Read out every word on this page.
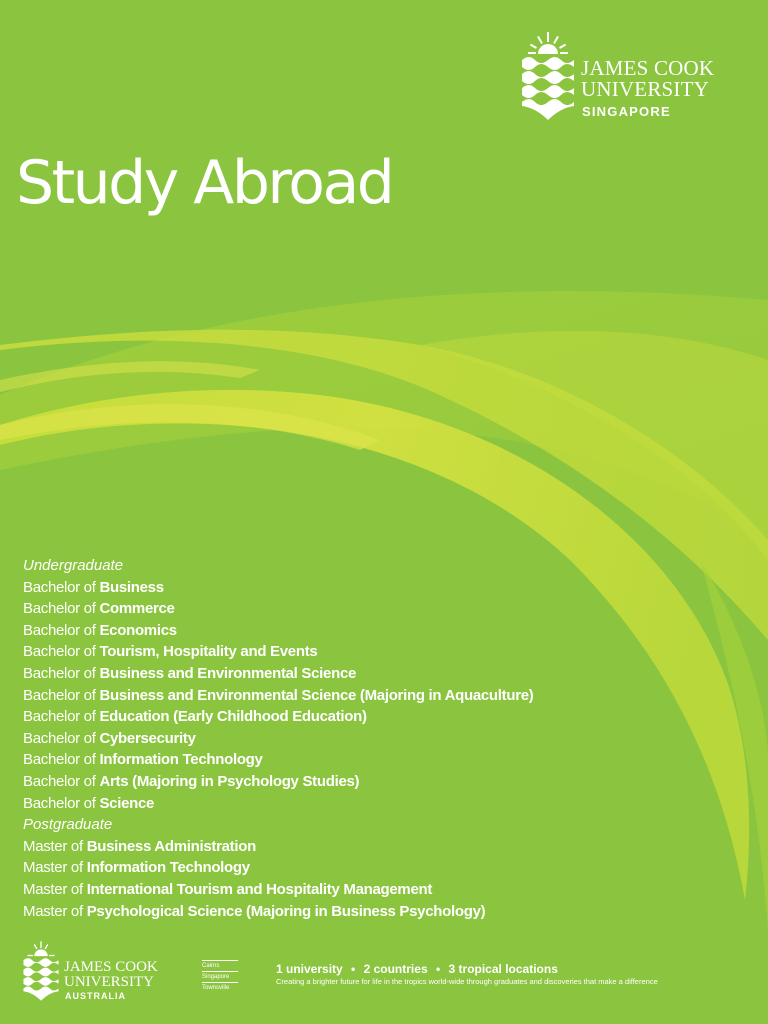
JAMES COOK
UNIVERSITY
SINGAPORE
Study Abroad
Undergraduate
Bachelor of Business
Bachelor of Commerce
Bachelor of Economics
Bachelor of Tourism, Hospitality and Events
Bachelor of Business and Environmental Science
Bachelor of Business and Environmental Science (Majoring in Aquaculture)
Bachelor of Education (Early Childhood Education)
Bachelor of Cybersecurity
Bachelor of Information Technology
Bachelor of Arts (Majoring in Psychology Studies)
Bachelor of Science
Postgraduate
Master of Business Administration
Master of Information Technology
Master of International Tourism and Hospitality Management
Master of Psychological Science (Majoring in Business Psychology)
JAMES COOK
UNIVERSITY
AUSTRALIA
Cairns
Singapore
Townsville
1 university • 2 countries • 3 tropical locations
Creating a brighter future for life in the tropics world-wide through graduates and discoveries that make a difference
